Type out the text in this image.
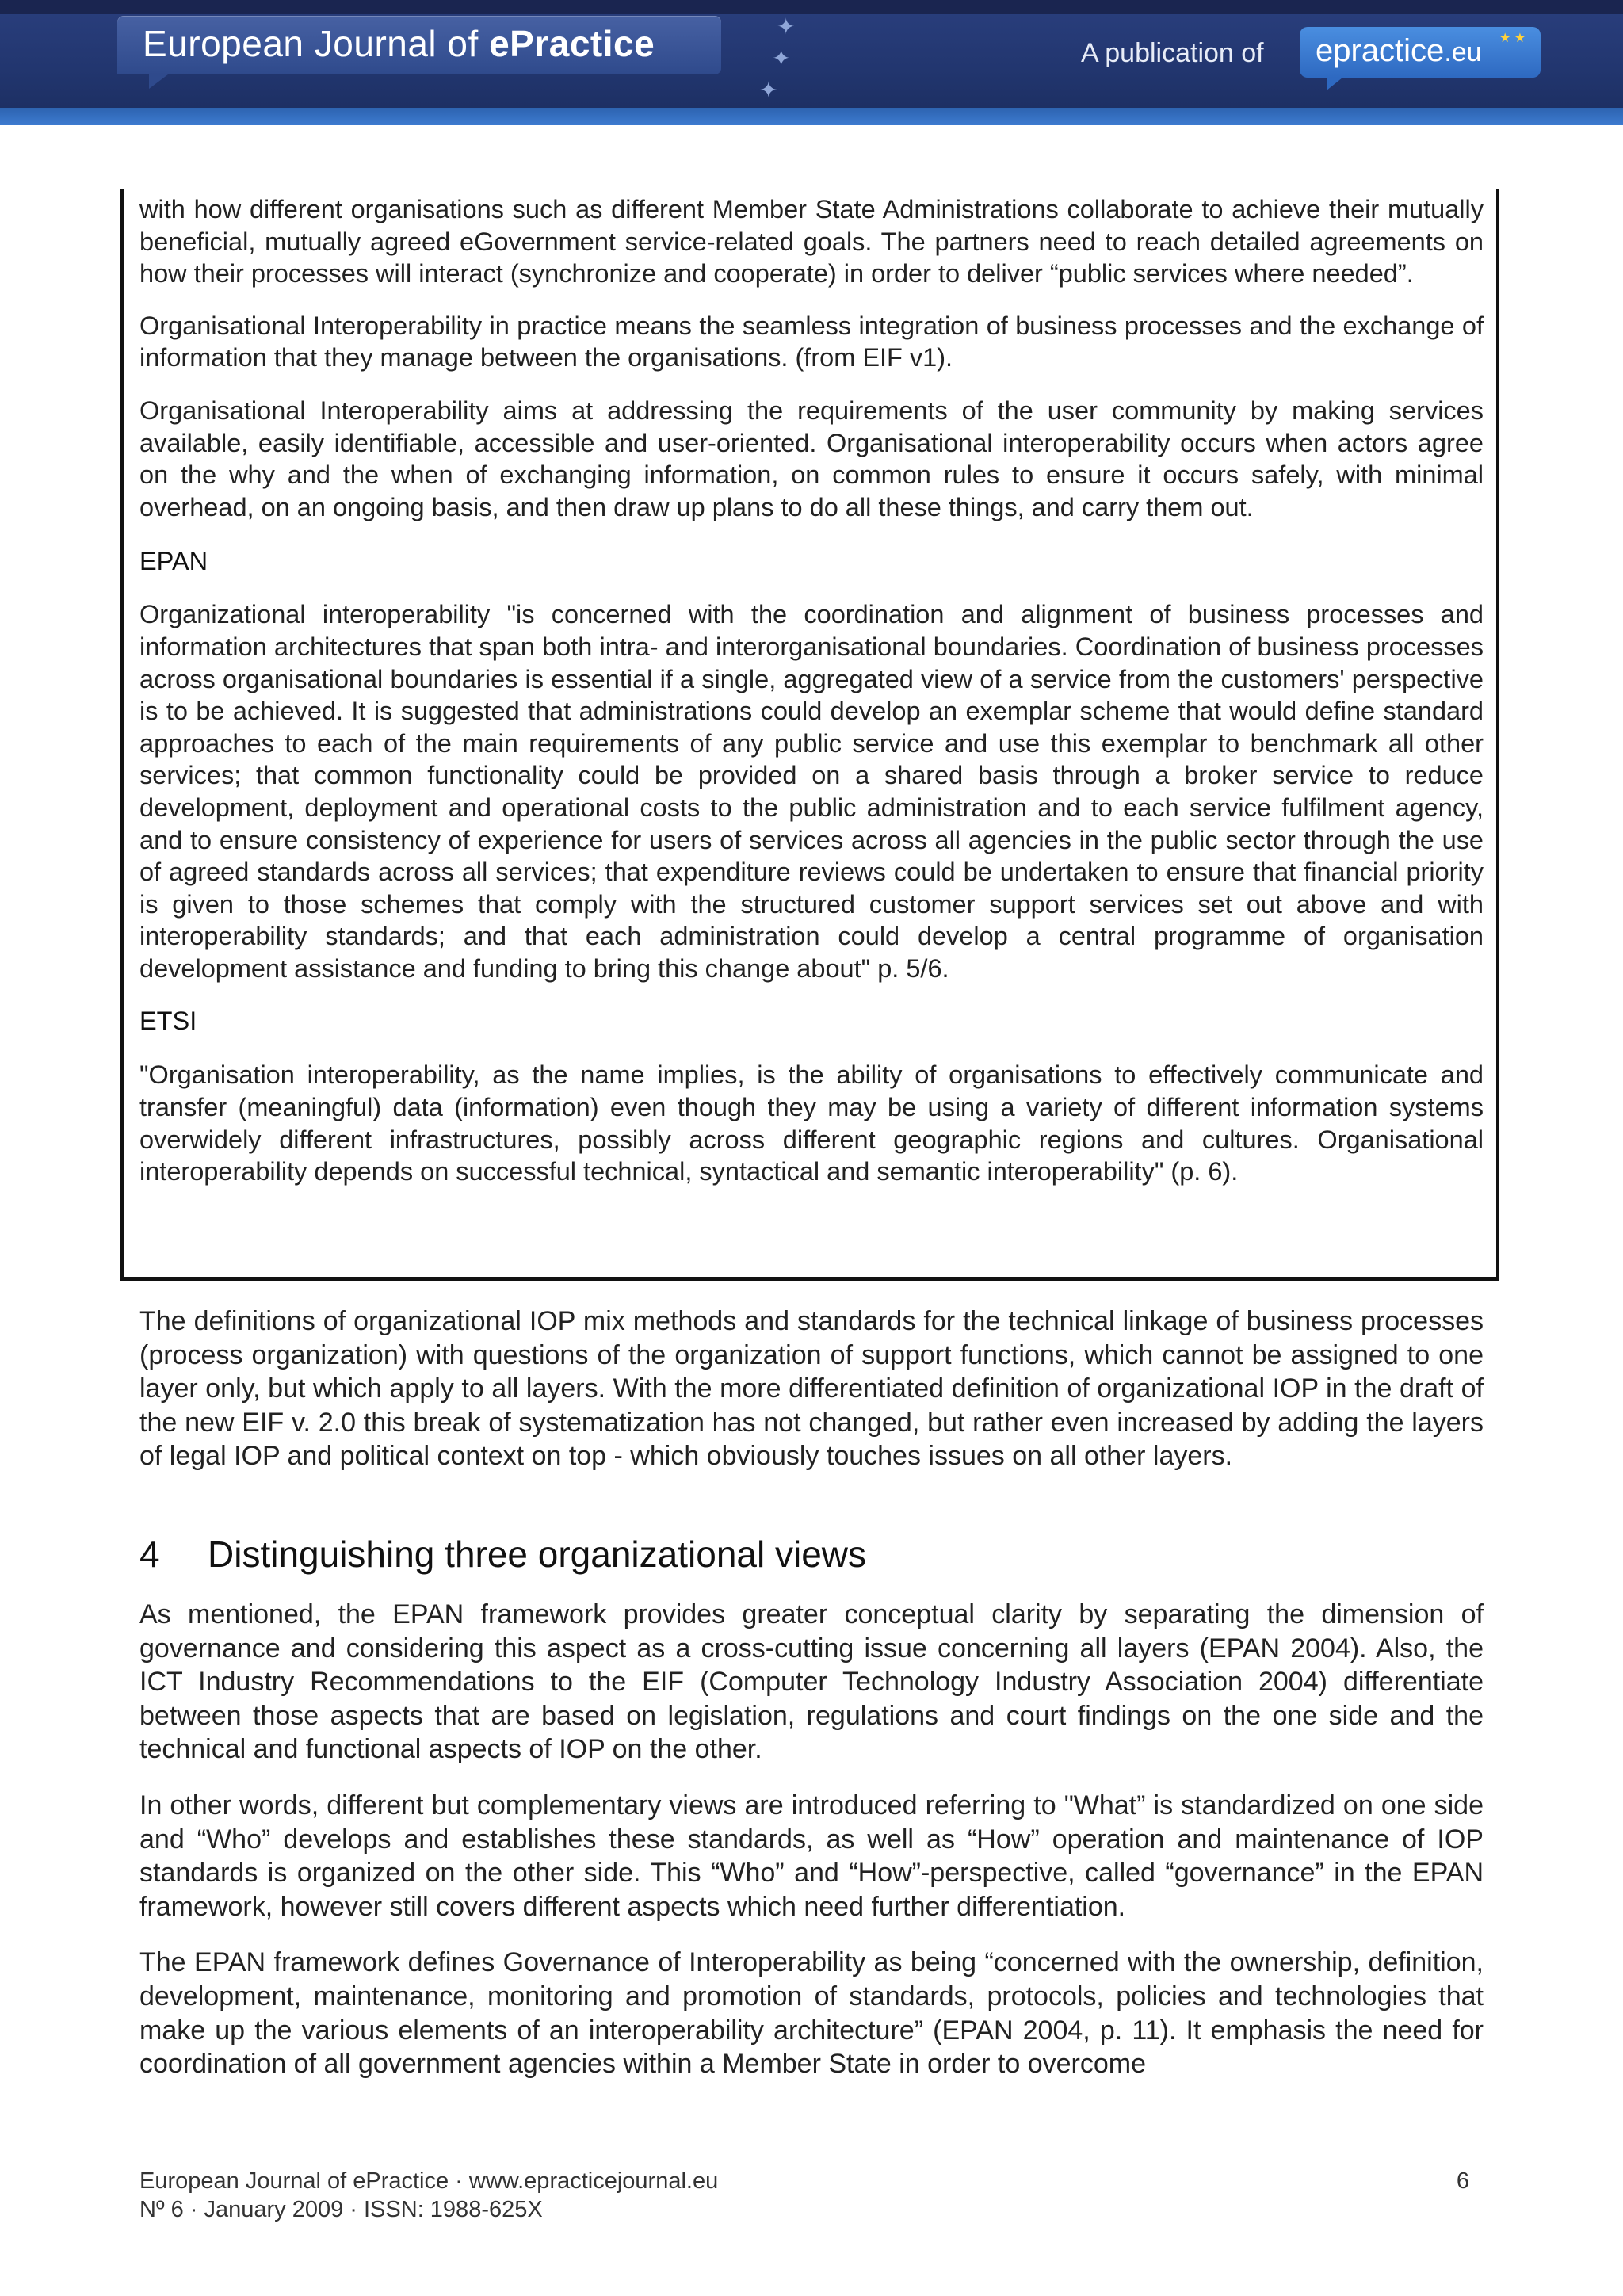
European Journal of ePractice	✦
✦
✦
A publication of epractice.eu ★ ★

with how different organisations such as different Member State Administrations collaborate to achieve their mutually beneficial, mutually agreed eGovernment service-related goals. The partners need to reach detailed agreements on how their processes will interact (synchronize and cooperate) in order to deliver “public services where needed”.

Organisational Interoperability in practice means the seamless integration of business processes and the exchange of information that they manage between the organisations. (from EIF v1).

Organisational Interoperability aims at addressing the requirements of the user community by making services available, easily identifiable, accessible and user-oriented. Organisational interoperability occurs when actors agree on the why and the when of exchanging information, on common rules to ensure it occurs safely, with minimal overhead, on an ongoing basis, and then draw up plans to do all these things, and carry them out.

EPAN

Organizational interoperability "is concerned with the coordination and alignment of business processes and information architectures that span both intra- and interorganisational boundaries. Coordination of business processes across organisational boundaries is essential if a single, aggregated view of a service from the customers' perspective is to be achieved. It is suggested that administrations could develop an exemplar scheme that would define standard approaches to each of the main requirements of any public service and use this exemplar to benchmark all other services; that common functionality could be provided on a shared basis through a broker service to reduce development, deployment and operational costs to the public administration and to each service fulfilment agency, and to ensure consistency of experience for users of services across all agencies in the public sector through the use of agreed standards across all services; that expenditure reviews could be undertaken to ensure that financial priority is given to those schemes that comply with the structured customer support services set out above and with interoperability standards; and that each administration could develop a central programme of organisation development assistance and funding to bring this change about" p. 5/6.

ETSI

"Organisation interoperability, as the name implies, is the ability of organisations to effectively communicate and transfer (meaningful) data (information) even though they may be using a variety of different information systems overwidely different infrastructures, possibly across different geographic regions and cultures. Organisational interoperability depends on successful technical, syntactical and semantic interoperability" (p. 6).

The definitions of organizational IOP mix methods and standards for the technical linkage of business processes (process organization) with questions of the organization of support functions, which cannot be assigned to one layer only, but which apply to all layers. With the more differentiated definition of organizational IOP in the draft of the new EIF v. 2.0 this break of systematization has not changed, but rather even increased by adding the layers of legal IOP and political context on top - which obviously touches issues on all other layers.

4 Distinguishing three organizational views

As mentioned, the EPAN framework provides greater conceptual clarity by separating the dimension of governance and considering this aspect as a cross-cutting issue concerning all layers (EPAN 2004). Also, the ICT Industry Recommendations to the EIF (Computer Technology Industry Association 2004) differentiate between those aspects that are based on legislation, regulations and court findings on the one side and the technical and functional aspects of IOP on the other.

In other words, different but complementary views are introduced referring to "What” is standardized on one side and “Who” develops and establishes these standards, as well as “How” operation and maintenance of IOP standards is organized on the other side. This “Who” and “How”-perspective, called “governance” in the EPAN framework, however still covers different aspects which need further differentiation.

The EPAN framework defines Governance of Interoperability as being “concerned with the ownership, definition, development, maintenance, monitoring and promotion of standards, protocols, policies and technologies that make up the various elements of an interoperability architecture” (EPAN 2004, p. 11). It emphasis the need for coordination of all government agencies within a Member State in order to overcome

European Journal of ePractice · www.epracticejournal.eu
Nº 6 · January 2009 · ISSN: 1988-625X
6
